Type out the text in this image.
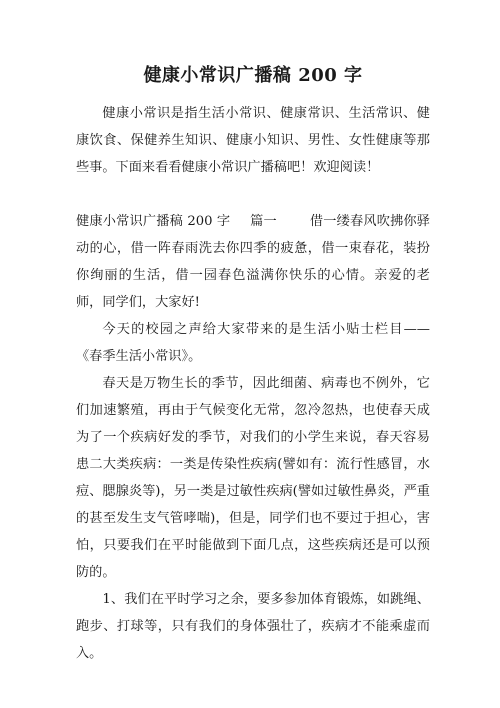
健康小常识广播稿 200 字

健康小常识是指生活小常识、健康常识、生活常识、健康饮食、保健养生知识、健康小知识、男性、女性健康等那些事。下面来看看健康小常识广播稿吧！欢迎阅读！

健康小常识广播稿 200 字 篇一	借一缕春风吹拂你驿动的心，借一阵春雨洗去你四季的疲惫，借一束春花，装扮你绚丽的生活，借一园春色溢满你快乐的心情。亲爱的老师，同学们，大家好!

今天的校园之声给大家带来的是生活小贴士栏目——《春季生活小常识》。

春天是万物生长的季节，因此细菌、病毒也不例外，它们加速繁殖，再由于气候变化无常，忽冷忽热，也使春天成为了一个疾病好发的季节，对我们的小学生来说，春天容易患二大类疾病：一类是传染性疾病(譬如有：流行性感冒，水痘、腮腺炎等)，另一类是过敏性疾病(譬如过敏性鼻炎，严重的甚至发生支气管哮喘)，但是，同学们也不要过于担心，害怕，只要我们在平时能做到下面几点，这些疾病还是可以预防的。

1、我们在平时学习之余，要多参加体育锻炼，如跳绳、跑步、打球等，只有我们的身体强壮了，疾病才不能乘虚而入。
